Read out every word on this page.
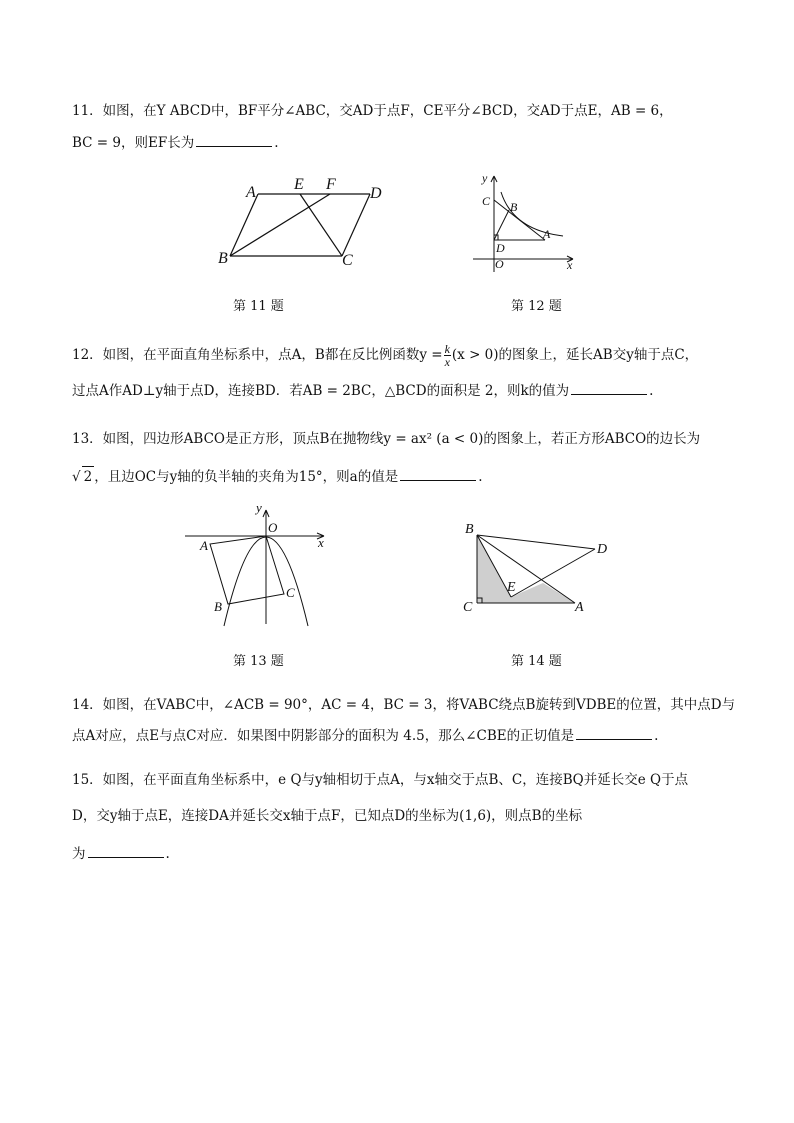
11．如图，在Y ABCD中，BF平分∠ABC，交AD于点F，CE平分∠BCD，交AD于点E，AB = 6，
BC = 9，则EF长为	.
A E F
D
B	C
第 11 题
y
x
C B
A
D
O
第 12 题
12．如图，在平面直角坐标系中，点A，B都在反比例函数$y = \frac{k}{x} (x > 0)$的图象上，延长AB交y轴于点C，
过点A作AD⊥y轴于点D，连接BD．若AB = 2BC，△BCD的面积是 2，则k的值为	.
13．如图，四边形ABCO是正方形，顶点B在抛物线y = ax² (a < 0)的图象上，若正方形ABCO的边长为
√ 2 ，且边OC与y轴的负半轴的夹角为15°，则a的值是	.
y
O
x
A
B
C
第 13 题
B
D
E
C	A
第 14 题
14．如图，在VABC中，∠ACB = 90°，AC = 4，BC = 3，将VABC绕点B旋转到VDBE的位置，其中点D与
点A对应，点E与点C对应．如果图中阴影部分的面积为 4.5，那么∠CBE的正切值是	.
15．如图，在平面直角坐标系中，e Q与y轴相切于点A，与x轴交于点B、C，连接BQ并延长交e Q于点
D，交y轴于点E，连接DA并延长交x轴于点F，已知点D的坐标为(1,6)，则点B的坐标
为	.
